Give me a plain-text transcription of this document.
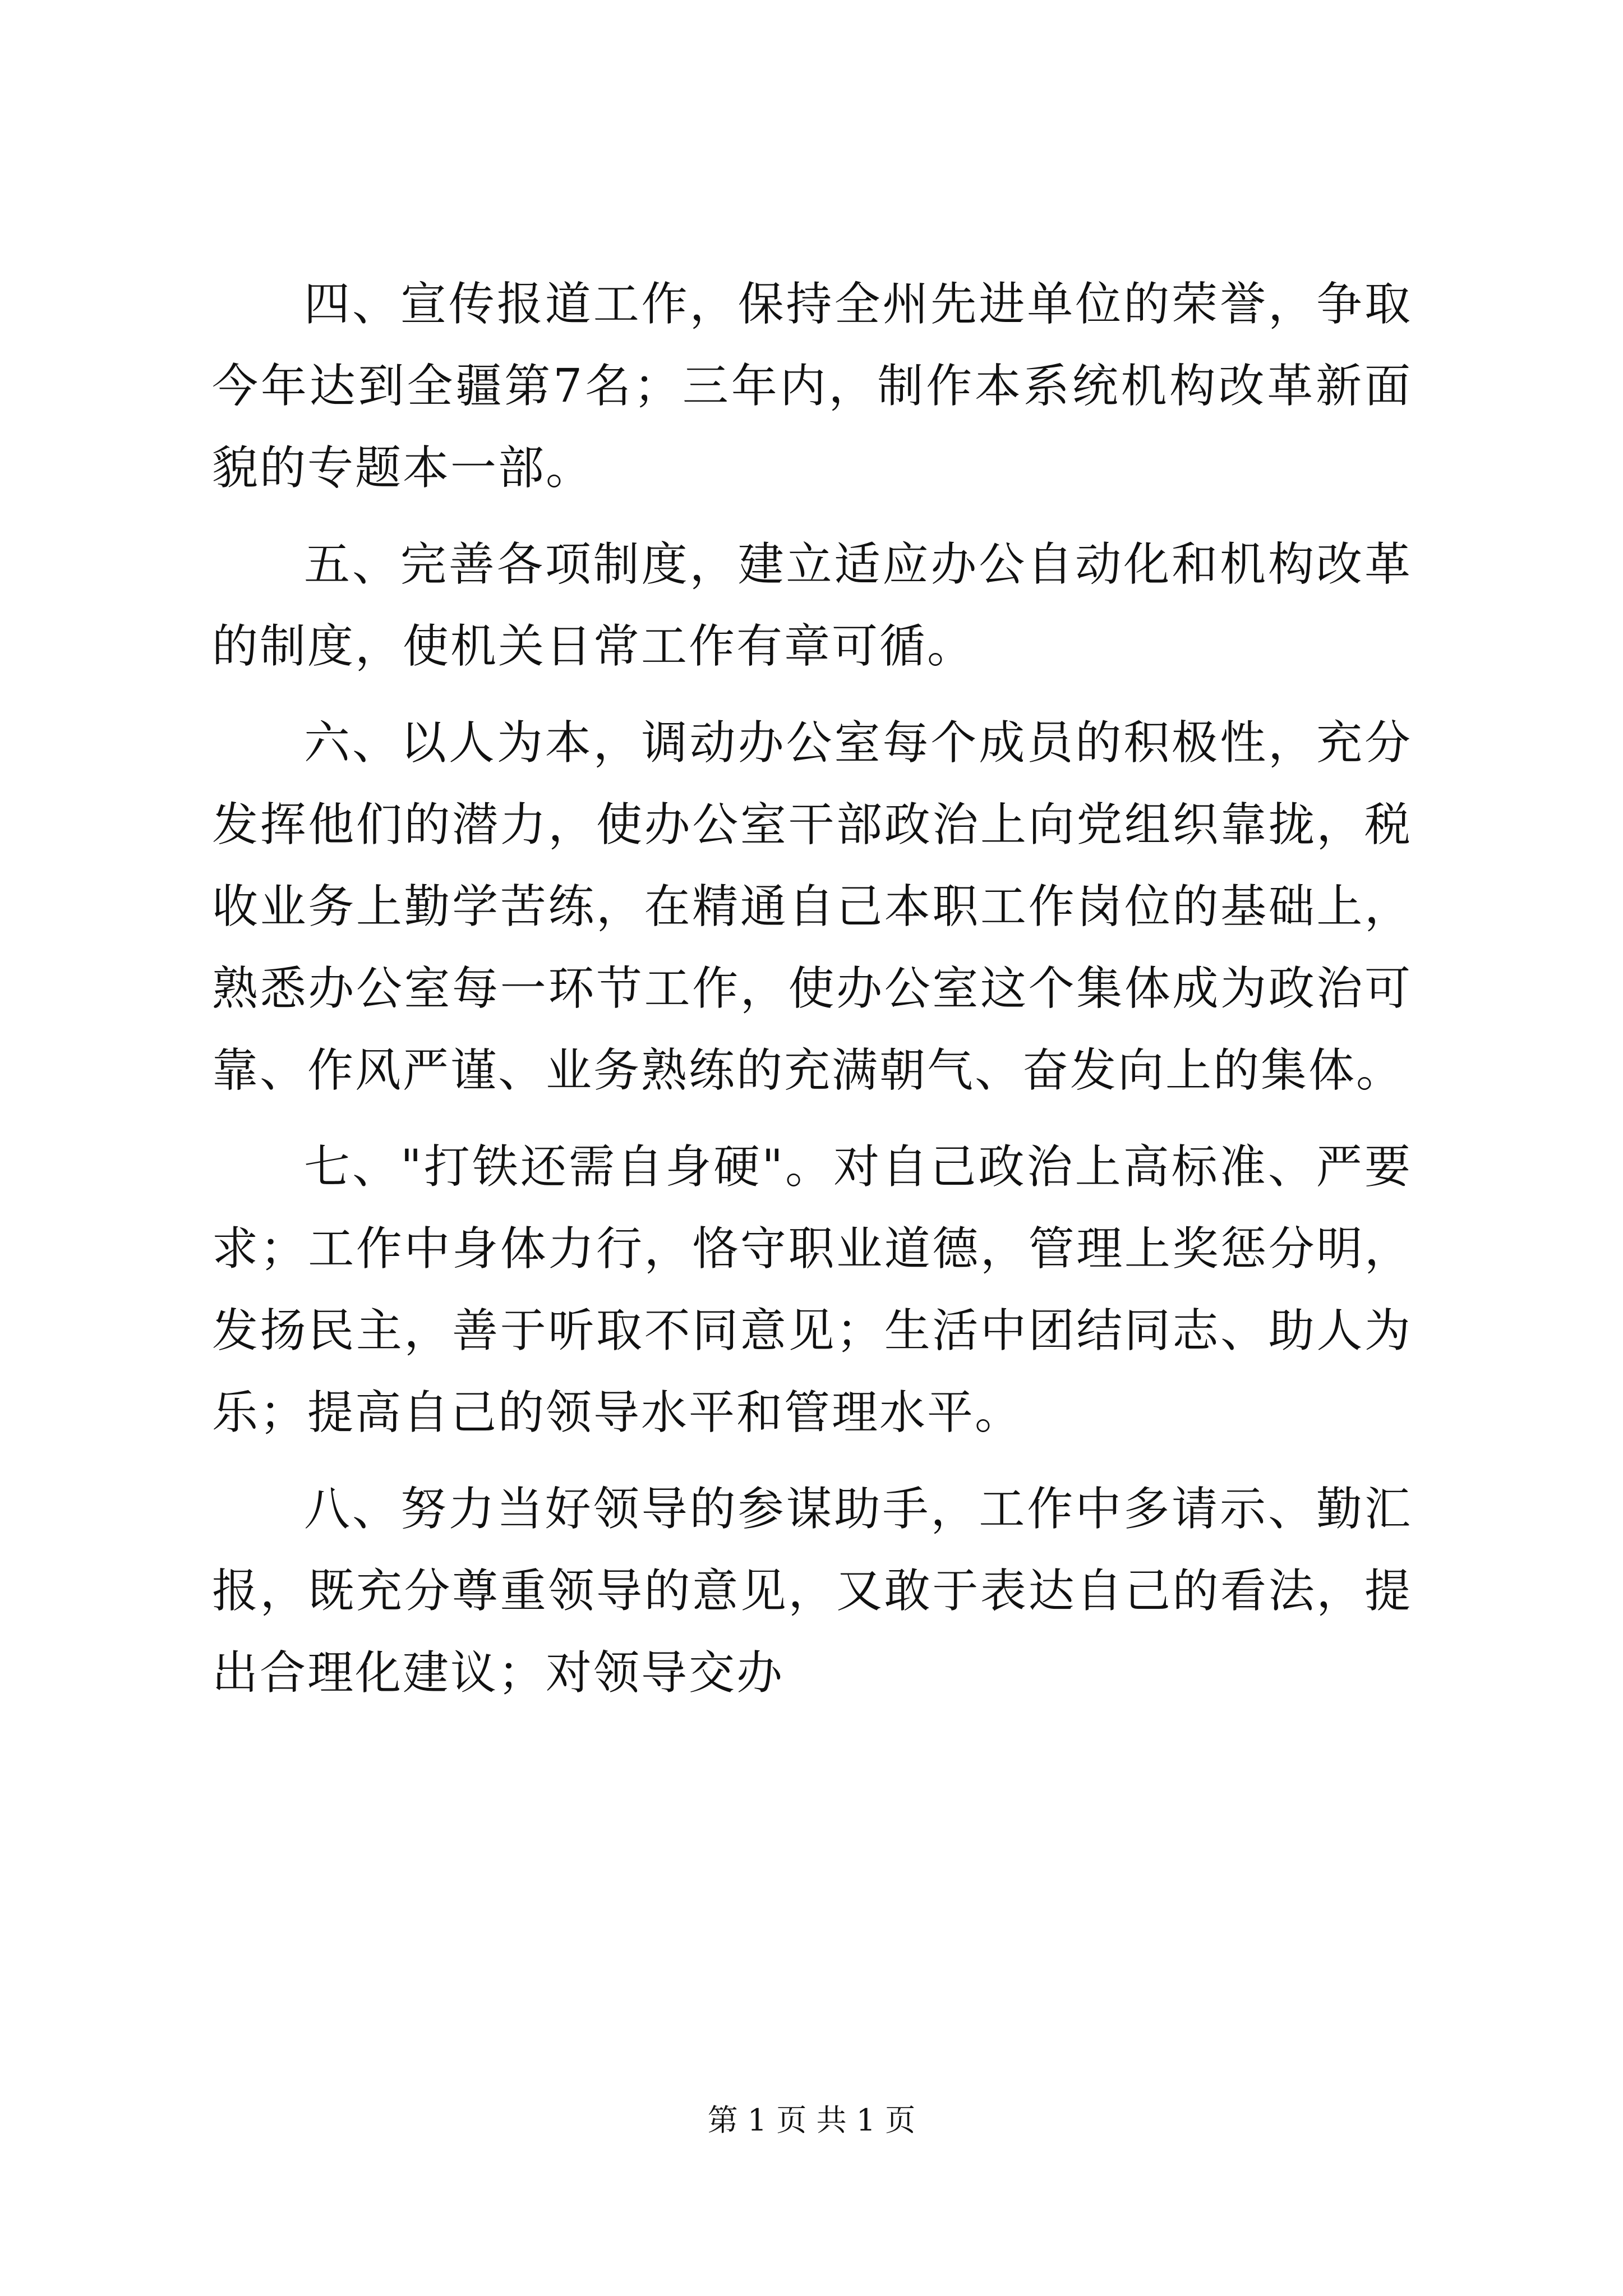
四、宣传报道工作，保持全州先进单位的荣誉，争取今年达到全疆第7名；三年内，制作本系统机构改革新面貌的专题本一部。

五、完善各项制度，建立适应办公自动化和机构改革的制度，使机关日常工作有章可循。

六、以人为本，调动办公室每个成员的积极性，充分发挥他们的潜力，使办公室干部政治上向党组织靠拢，税收业务上勤学苦练，在精通自己本职工作岗位的基础上，熟悉办公室每一环节工作，使办公室这个集体成为政治可靠、作风严谨、业务熟练的充满朝气、奋发向上的集体。

七、"打铁还需自身硬"。对自己政治上高标准、严要求；工作中身体力行，恪守职业道德，管理上奖惩分明，发扬民主，善于听取不同意见；生活中团结同志、助人为乐；提高自己的领导水平和管理水平。

八、努力当好领导的参谋助手，工作中多请示、勤汇报，既充分尊重领导的意见，又敢于表达自己的看法，提出合理化建议；对领导交办

第 1 页 共 1 页
